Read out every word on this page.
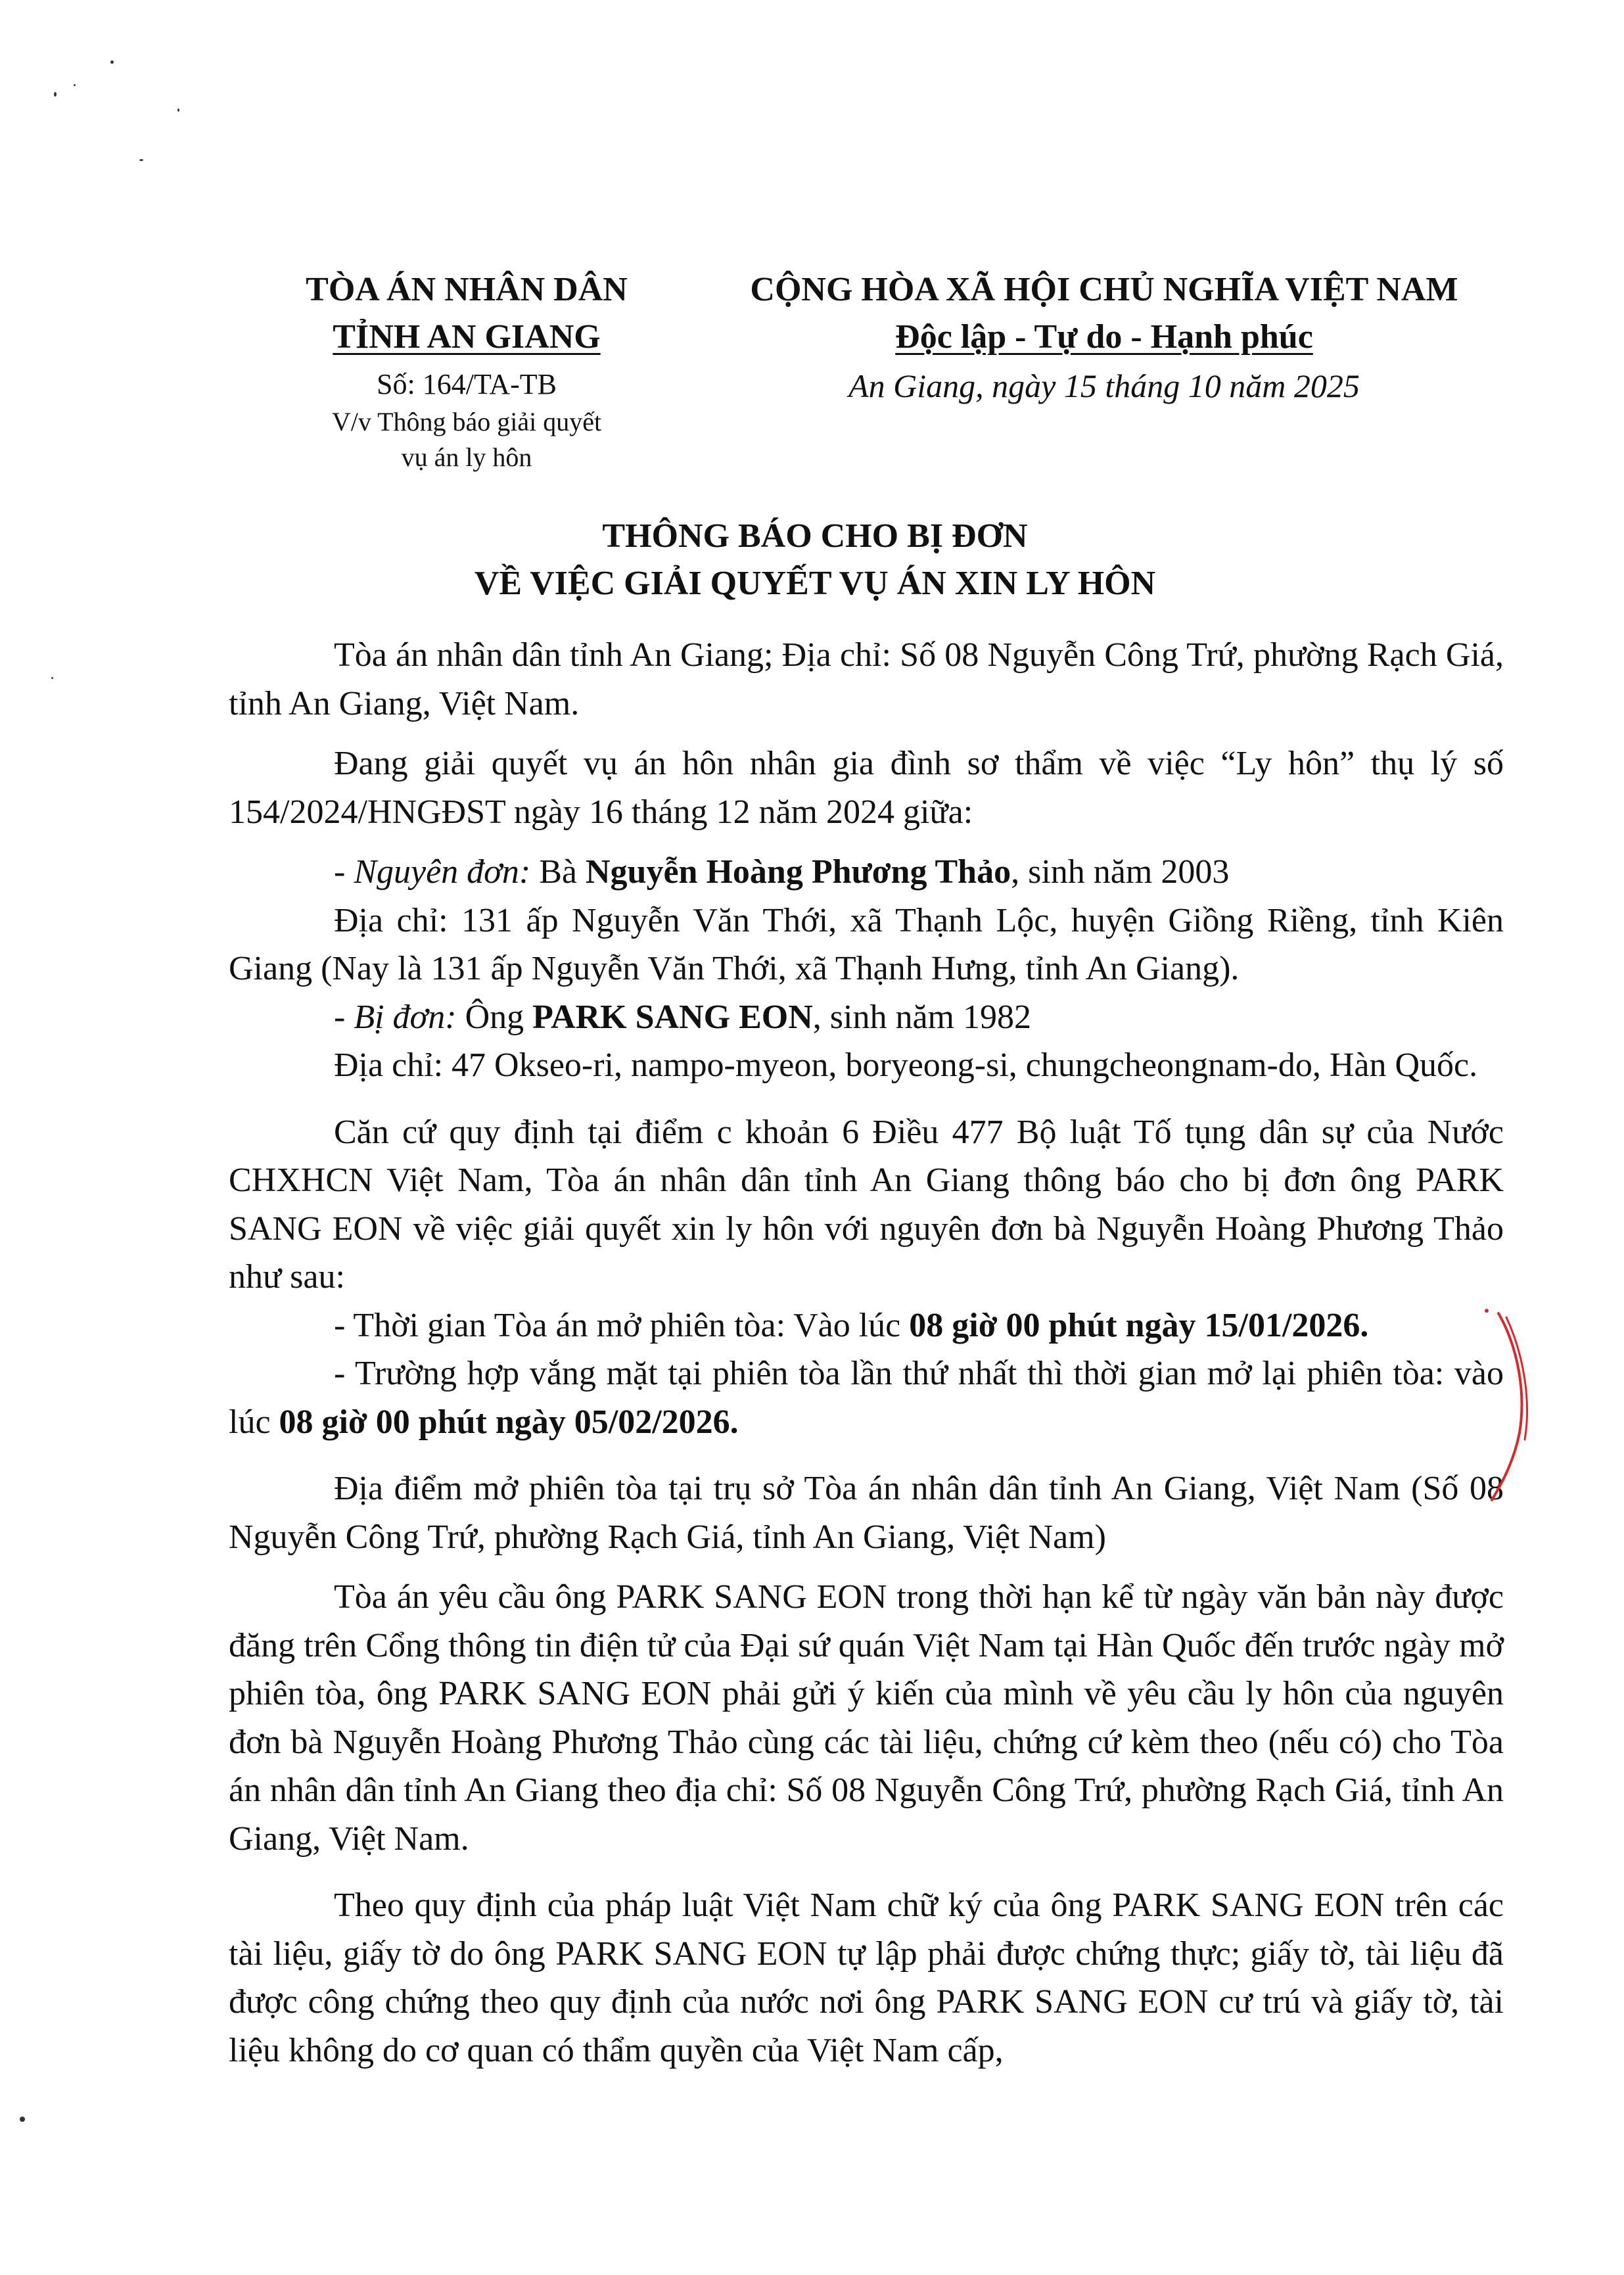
TÒA ÁN NHÂN DÂN
TỈNH AN GIANG
Số: 164/TA-TB
V/v Thông báo giải quyết
vụ án ly hôn
CỘNG HÒA XÃ HỘI CHỦ NGHĨA VIỆT NAM
Độc lập - Tự do - Hạnh phúc
An Giang, ngày 15 tháng 10 năm 2025
THÔNG BÁO CHO BỊ ĐƠN
VỀ VIỆC GIẢI QUYẾT VỤ ÁN XIN LY HÔN

Tòa án nhân dân tỉnh An Giang; Địa chỉ: Số 08 Nguyễn Công Trứ, phường Rạch Giá, tỉnh An Giang, Việt Nam.

Đang giải quyết vụ án hôn nhân gia đình sơ thẩm về việc “Ly hôn” thụ lý số 154/2024/HNGĐST ngày 16 tháng 12 năm 2024 giữa:

- Nguyên đơn: Bà Nguyễn Hoàng Phương Thảo, sinh năm 2003

Địa chỉ: 131 ấp Nguyễn Văn Thới, xã Thạnh Lộc, huyện Giồng Riềng, tỉnh Kiên Giang (Nay là 131 ấp Nguyễn Văn Thới, xã Thạnh Hưng, tỉnh An Giang).

- Bị đơn: Ông PARK SANG EON, sinh năm 1982

Địa chỉ: 47 Okseo-ri, nampo-myeon, boryeong-si, chungcheongnam-do, Hàn Quốc.

Căn cứ quy định tại điểm c khoản 6 Điều 477 Bộ luật Tố tụng dân sự của Nước CHXHCN Việt Nam, Tòa án nhân dân tỉnh An Giang thông báo cho bị đơn ông PARK SANG EON về việc giải quyết xin ly hôn với nguyên đơn bà Nguyễn Hoàng Phương Thảo như sau:

- Thời gian Tòa án mở phiên tòa: Vào lúc 08 giờ 00 phút ngày 15/01/2026.

- Trường hợp vắng mặt tại phiên tòa lần thứ nhất thì thời gian mở lại phiên tòa: vào lúc 08 giờ 00 phút ngày 05/02/2026.

Địa điểm mở phiên tòa tại trụ sở Tòa án nhân dân tỉnh An Giang, Việt Nam (Số 08 Nguyễn Công Trứ, phường Rạch Giá, tỉnh An Giang, Việt Nam)

Tòa án yêu cầu ông PARK SANG EON trong thời hạn kể từ ngày văn bản này được đăng trên Cổng thông tin điện tử của Đại sứ quán Việt Nam tại Hàn Quốc đến trước ngày mở phiên tòa, ông PARK SANG EON phải gửi ý kiến của mình về yêu cầu ly hôn của nguyên đơn bà Nguyễn Hoàng Phương Thảo cùng các tài liệu, chứng cứ kèm theo (nếu có) cho Tòa án nhân dân tỉnh An Giang theo địa chỉ: Số 08 Nguyễn Công Trứ, phường Rạch Giá, tỉnh An Giang, Việt Nam.

Theo quy định của pháp luật Việt Nam chữ ký của ông PARK SANG EON trên các tài liệu, giấy tờ do ông PARK SANG EON tự lập phải được chứng thực; giấy tờ, tài liệu đã được công chứng theo quy định của nước nơi ông PARK SANG EON cư trú và giấy tờ, tài liệu không do cơ quan có thẩm quyền của Việt Nam cấp,
